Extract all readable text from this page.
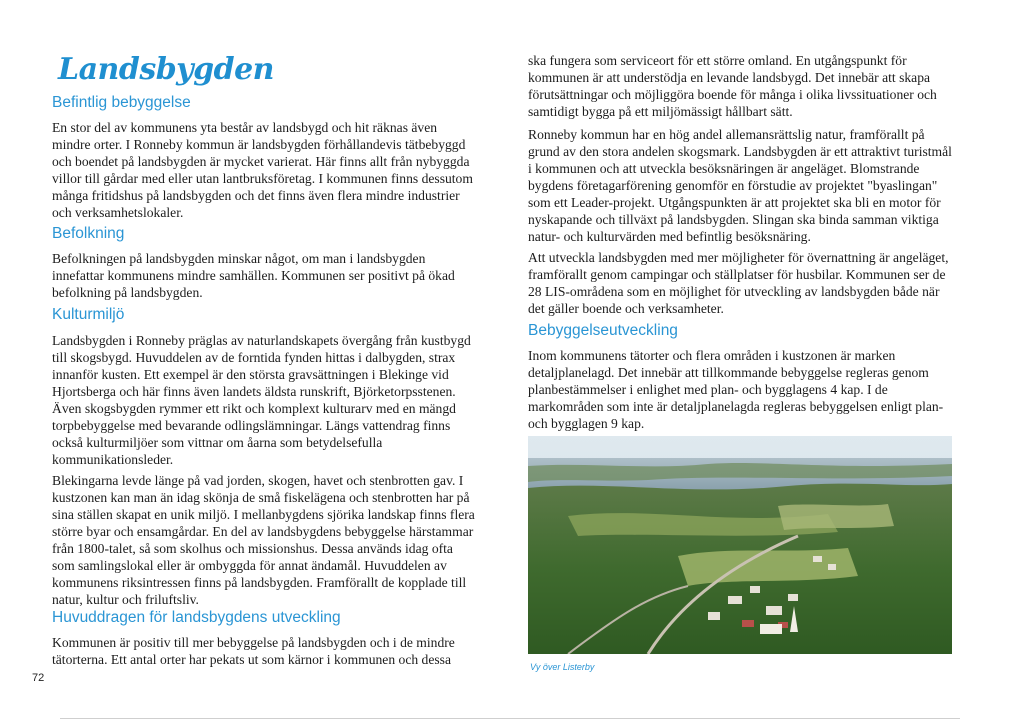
Landsbygden
Befintlig bebyggelse

En stor del av kommunens yta består av landsbygd och hit räknas även mindre orter. I Ronneby kommun är landsbygden förhållandevis tätbebyggd och boendet på landsbygden är mycket varierat. Här finns allt från nybyggda villor till gårdar med eller utan lantbruksföretag. I kommunen finns dessutom många fritidshus på landsbygden och det finns även flera mindre industrier och verksamhetslokaler.

Befolkning

Befolkningen på landsbygden minskar något, om man i landsbygden innefattar kommunens mindre samhällen. Kommunen ser positivt på ökad befolkning på landsbygden.

Kulturmiljö

Landsbygden i Ronneby präglas av naturlandskapets övergång från kustbygd till skogsbygd. Huvuddelen av de forntida fynden hittas i dalbygden, strax innanför kusten. Ett exempel är den största gravsättningen i Blekinge vid Hjortsberga och här finns även landets äldsta runskrift, Björketorpsstenen. Även skogsbygden rymmer ett rikt och komplext kulturarv med en mängd torpbebyggelse med bevarande odlingslämningar. Längs vattendrag finns också kulturmiljöer som vittnar om åarna som betydelsefulla kommunikationsleder.

Blekingarna levde länge på vad jorden, skogen, havet och stenbrotten gav. I kustzonen kan man än idag skönja de små fiskelägena och stenbrotten har på sina ställen skapat en unik miljö. I mellanbygdens sjörika landskap finns flera större byar och ensamgårdar. En del av landsbygdens bebyggelse härstammar från 1800-talet, så som skolhus och missionshus. Dessa används idag ofta som samlingslokal eller är ombyggda för annat ändamål. Huvuddelen av kommunens riksintressen finns på landsbygden. Framförallt de kopplade till natur, kultur och friluftsliv.

Huvuddragen för landsbygdens utveckling

Kommunen är positiv till mer bebyggelse på landsbygden och i de mindre tätorterna. Ett antal orter har pekats ut som kärnor i kommunen och dessa

ska fungera som serviceort för ett större omland. En utgångspunkt för kommunen är att understödja en levande landsbygd. Det innebär att skapa förutsättningar och möjliggöra boende för många i olika livssituationer och samtidigt bygga på ett miljömässigt hållbart sätt.

Ronneby kommun har en hög andel allemansrättslig natur, framförallt på grund av den stora andelen skogsmark. Landsbygden är ett attraktivt turistmål i kommunen och att utveckla besöksnäringen är angeläget. Blomstrande bygdens företagarförening genomför en förstudie av projektet "byaslingan" som ett Leader-projekt. Utgångspunkten är att projektet ska bli en motor för nyskapande och tillväxt på landsbygden. Slingan ska binda samman viktiga natur- och kulturvärden med befintlig besöksnäring.

Att utveckla landsbygden med mer möjligheter för övernattning är angeläget, framförallt genom campingar och ställplatser för husbilar. Kommunen ser de 28 LIS-områdena som en möjlighet för utveckling av landsbygden både när det gäller boende och verksamheter.

Bebyggelseutveckling

Inom kommunens tätorter och flera områden i kustzonen är marken detaljplanelagd. Det innebär att tillkommande bebyggelse regleras genom planbestämmelser i enlighet med plan- och bygglagens 4 kap. I de markområden som inte är detaljplanelagda regleras bebyggelsen enligt plan- och bygglagen 9 kap.

Vy över Listerby
72
